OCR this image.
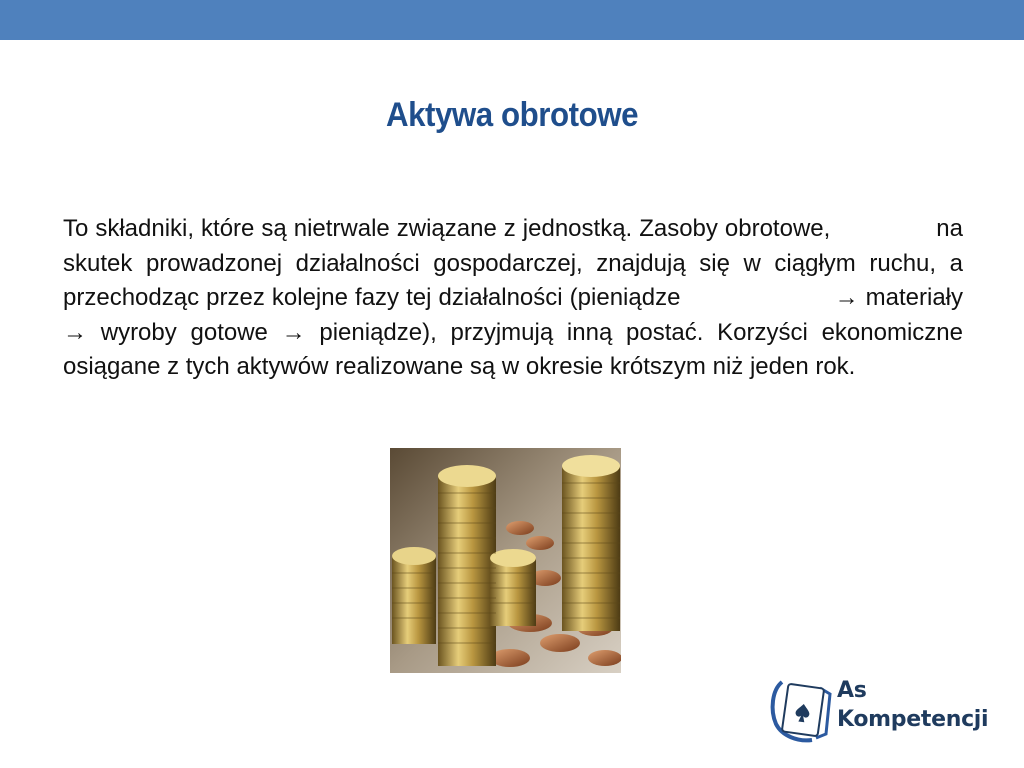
Aktywa obrotowe

To składniki, które są nietrwale związane z jednostką. Zasoby obrotowe,	na skutek prowadzonej działalności gospodarczej, znajdują się w ciągłym ruchu, a przechodząc przez kolejne fazy tej działalności (pieniądze	→ materiały → wyroby gotowe → pieniądze), przyjmują inną postać. Korzyści ekonomiczne osiągane z tych aktywów realizowane są w okresie krótszym niż jeden rok.

As
Kompetencji
